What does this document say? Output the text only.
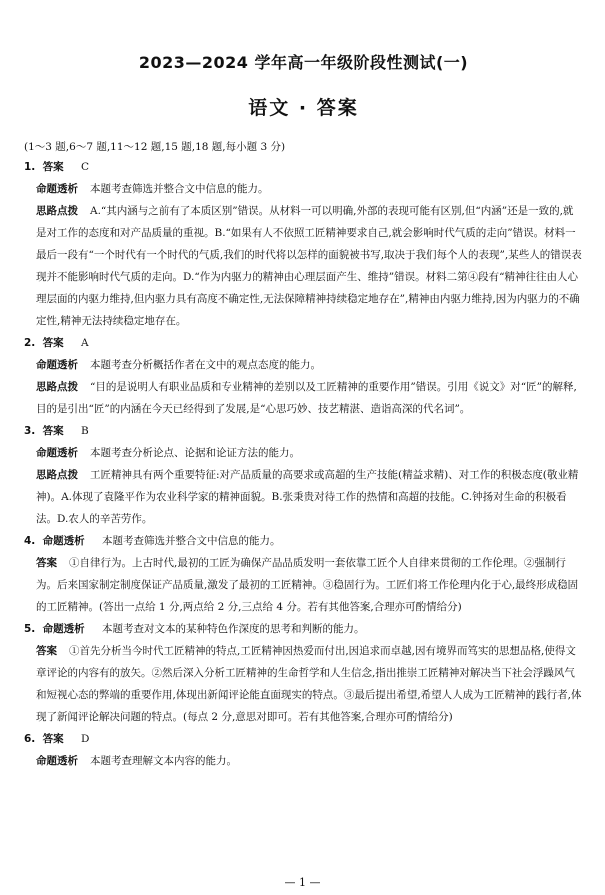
2023—2024 学年高一年级阶段性测试(一)
语文 · 答案
(1～3 题,6～7 题,11～12 题,15 题,18 题,每小题 3 分)
1. 答案 C
命题透析 本题考查筛选并整合文中信息的能力。
思路点拨 A.“其内涵与之前有了本质区别”错误。从材料一可以明确,外部的表现可能有区别,但“内涵”还是一致的,就是对工作的态度和对产品质量的重视。B.“如果有人不依照工匠精神要求自己,就会影响时代气质的走向”错误。材料一最后一段有“一个时代有一个时代的气质,我们的时代将以怎样的面貌被书写,取决于我们每个人的表现”,某些人的错误表现并不能影响时代气质的走向。D.“作为内驱力的精神由心理层面产生、维持”错误。材料二第④段有“精神往往由人心理层面的内驱力维持,但内驱力具有高度不确定性,无法保障精神持续稳定地存在”,精神由内驱力维持,因为内驱力的不确定性,精神无法持续稳定地存在。
2. 答案 A
命题透析 本题考查分析概括作者在文中的观点态度的能力。
思路点拨 “目的是说明人有职业品质和专业精神的差别以及工匠精神的重要作用”错误。引用《说文》对“匠”的解释,目的是引出“匠”的内涵在今天已经得到了发展,是“心思巧妙、技艺精湛、造诣高深的代名词”。
3. 答案 B
命题透析 本题考查分析论点、论据和论证方法的能力。
思路点拨 工匠精神具有两个重要特征:对产品质量的高要求或高超的生产技能(精益求精)、对工作的积极态度(敬业精神)。A.体现了袁隆平作为农业科学家的精神面貌。B.张秉贵对待工作的热情和高超的技能。C.钟扬对生命的积极看法。D.农人的辛苦劳作。
4. 命题透析 本题考查筛选并整合文中信息的能力。
答案 ①自律行为。上古时代,最初的工匠为确保产品品质发明一套依靠工匠个人自律来贯彻的工作伦理。②强制行为。后来国家制定制度保证产品质量,激发了最初的工匠精神。③稳固行为。工匠们将工作伦理内化于心,最终形成稳固的工匠精神。(答出一点给 1 分,两点给 2 分,三点给 4 分。若有其他答案,合理亦可酌情给分)
5. 命题透析 本题考查对文本的某种特色作深度的思考和判断的能力。
答案 ①首先分析当今时代工匠精神的特点,工匠精神因热爱而付出,因追求而卓越,因有境界而笃实的思想品格,使得文章评论的内容有的放矢。②然后深入分析工匠精神的生命哲学和人生信念,指出推崇工匠精神对解决当下社会浮躁风气和短视心态的弊端的重要作用,体现出新闻评论能直面现实的特点。③最后提出希望,希望人人成为工匠精神的践行者,体现了新闻评论解决问题的特点。(每点 2 分,意思对即可。若有其他答案,合理亦可酌情给分)
6. 答案 D
命题透析 本题考查理解文本内容的能力。
— 1 —
